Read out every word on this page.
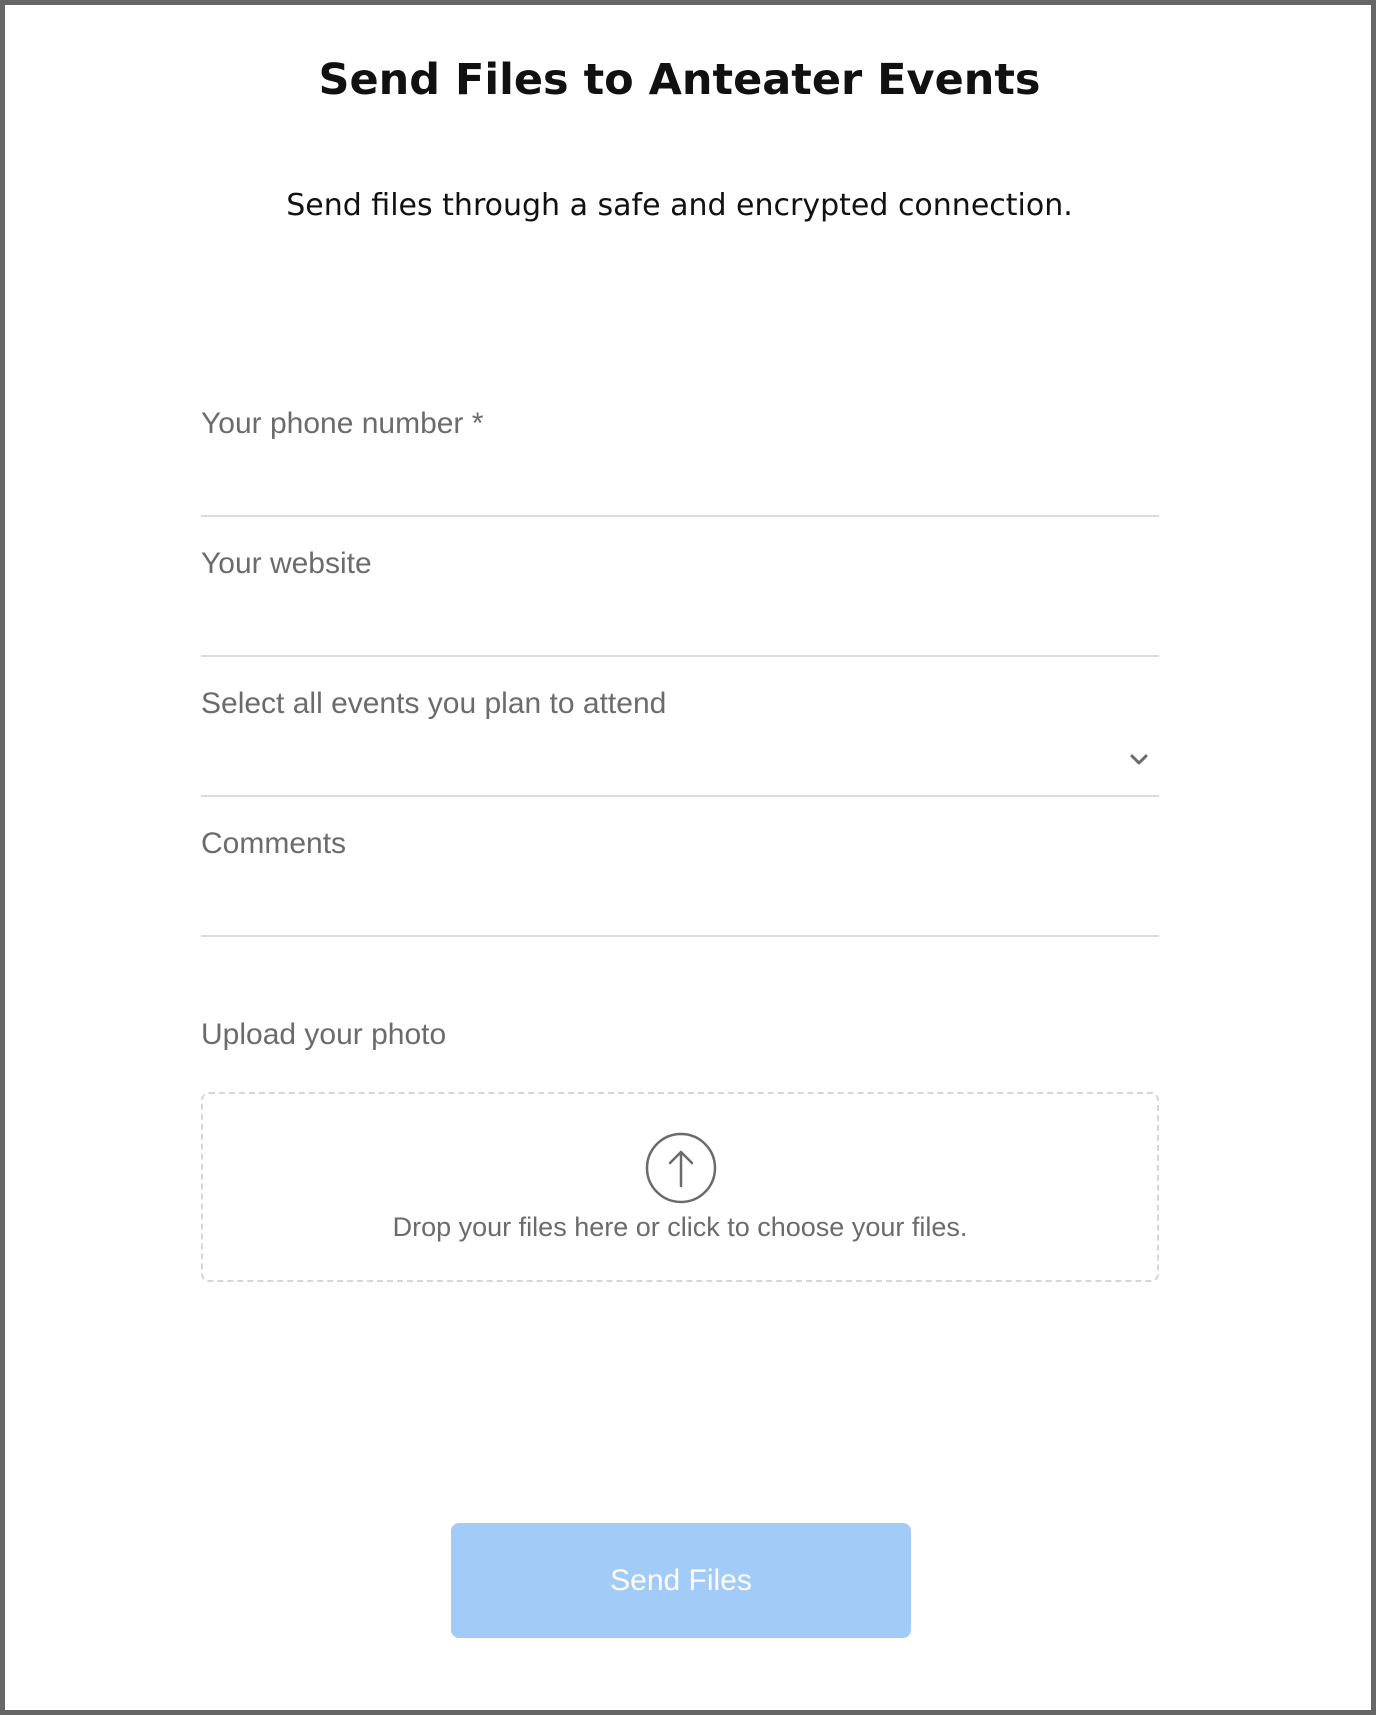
Send Files to Anteater Events
Send files through a safe and encrypted connection.
Your phone number *
Your website
Select all events you plan to attend
Comments
Upload your photo
Drop your files here or click to choose your files.
Send Files
